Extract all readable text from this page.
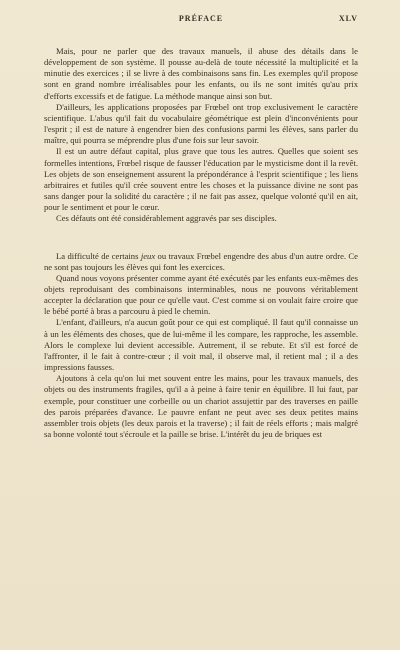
PRÉFACE	XLV

Mais, pour ne parler que des travaux manuels, il abuse des détails dans le développement de son système. Il pousse au-delà de toute nécessité la multiplicité et la minutie des exercices ; il se livre à des combinaisons sans fin. Les exemples qu'il propose sont en grand nombre irréalisables pour les enfants, ou ils ne sont imités qu'au prix d'efforts excessifs et de fatigue. La méthode manque ainsi son but.

D'ailleurs, les applications proposées par Frœbel ont trop exclusivement le caractère scientifique. L'abus qu'il fait du vocabulaire géométrique est plein d'inconvénients pour l'esprit ; il est de nature à engendrer bien des confusions parmi les élèves, sans parler du maître, qui pourra se méprendre plus d'une fois sur leur savoir.

Il est un autre défaut capital, plus grave que tous les autres. Quelles que soient ses formelles intentions, Frœbel risque de fausser l'éducation par le mysticisme dont il la revêt. Les objets de son enseignement assurent la prépondérance à l'esprit scientifique ; les liens arbitraires et futiles qu'il crée souvent entre les choses et la puissance divine ne sont pas sans danger pour la solidité du caractère ; il ne fait pas assez, quelque volonté qu'il en ait, pour le sentiment et pour le cœur.

Ces défauts ont été considérablement aggravés par ses disciples.

La difficulté de certains jeux ou travaux Frœbel engendre des abus d'un autre ordre. Ce ne sont pas toujours les élèves qui font les exercices.

Quand nous voyons présenter comme ayant été exécutés par les enfants eux-mêmes des objets reproduisant des combinaisons interminables, nous ne pouvons véritablement accepter la déclaration que pour ce qu'elle vaut. C'est comme si on voulait faire croire que le bébé porté à bras a parcouru à pied le chemin.

L'enfant, d'ailleurs, n'a aucun goût pour ce qui est compliqué. Il faut qu'il connaisse un à un les éléments des choses, que de lui-même il les compare, les rapproche, les assemble. Alors le complexe lui devient accessible. Autrement, il se rebute. Et s'il est forcé de l'affronter, il le fait à contre-cœur ; il voit mal, il observe mal, il retient mal ; il a des impressions fausses.

Ajoutons à cela qu'on lui met souvent entre les mains, pour les travaux manuels, des objets ou des instruments fragiles, qu'il a à peine à faire tenir en équilibre. Il lui faut, par exemple, pour constituer une corbeille ou un chariot assujettir par des traverses en paille des parois préparées d'avance. Le pauvre enfant ne peut avec ses deux petites mains assembler trois objets (les deux parois et la traverse) ; il fait de réels efforts ; mais malgré sa bonne volonté tout s'écroule et la paille se brise. L'intérêt du jeu de briques est
